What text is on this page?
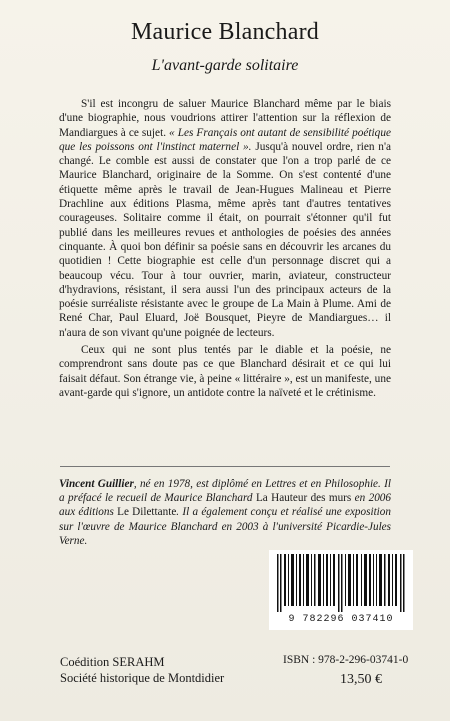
Maurice Blanchard
L'avant-garde solitaire

S'il est incongru de saluer Maurice Blanchard même par le biais d'une biographie, nous voudrions attirer l'attention sur la réflexion de Mandiargues à ce sujet. « Les Français ont autant de sensibilité poétique que les poissons ont l'instinct maternel ». Jusqu'à nouvel ordre, rien n'a changé. Le comble est aussi de constater que l'on a trop parlé de ce Maurice Blanchard, originaire de la Somme. On s'est contenté d'une étiquette même après le travail de Jean-Hugues Malineau et Pierre Drachline aux éditions Plasma, même après tant d'autres tentatives courageuses. Solitaire comme il était, on pourrait s'étonner qu'il fut publié dans les meilleures revues et anthologies de poésies des années cinquante. À quoi bon définir sa poésie sans en découvrir les arcanes du quotidien ! Cette biographie est celle d'un personnage discret qui a beaucoup vécu. Tour à tour ouvrier, marin, aviateur, constructeur d'hydravions, résistant, il sera aussi l'un des principaux acteurs de la poésie surréaliste résistante avec le groupe de La Main à Plume. Ami de René Char, Paul Eluard, Joë Bousquet, Pieyre de Mandiargues… il n'aura de son vivant qu'une poignée de lecteurs.

Ceux qui ne sont plus tentés par le diable et la poésie, ne comprendront sans doute pas ce que Blanchard désirait et ce qui lui faisait défaut. Son étrange vie, à peine « littéraire », est un manifeste, une avant-garde qui s'ignore, un antidote contre la naïveté et le crétinisme.

Vincent Guillier, né en 1978, est diplômé en Lettres et en Philosophie. Il a préfacé le recueil de Maurice Blanchard La Hauteur des murs en 2006 aux éditions Le Dilettante. Il a également conçu et réalisé une exposition sur l'œuvre de Maurice Blanchard en 2003 à l'université Picardie-Jules Verne.
9 782296 037410
Coédition SERAHM
Société historique de Montdidier
ISBN : 978-2-296-03741-0
13,50 €
